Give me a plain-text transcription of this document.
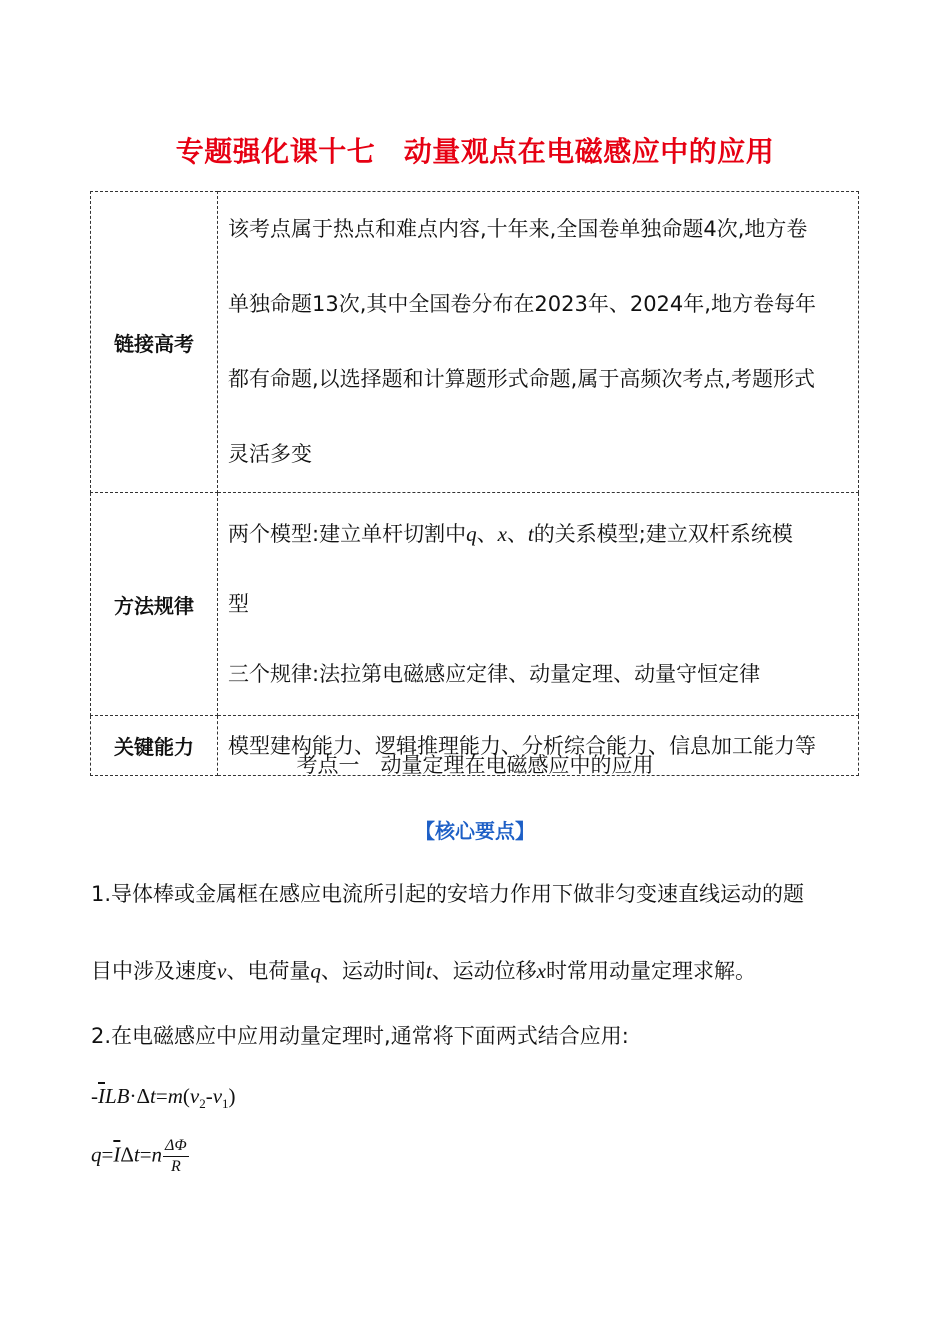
专题强化课十七　动量观点在电磁感应中的应用
链接高考	该考点属于热点和难点内容,十年来,全国卷单独命题4次,地方卷
单独命题13次,其中全国卷分布在2023年、2024年,地方卷每年
都有命题,以选择题和计算题形式命题,属于高频次考点,考题形式
灵活多变

方法规律	两个模型:建立单杆切割中q、x、t的关系模型;建立双杆系统模
型
三个规律:法拉第电磁感应定律、动量定理、动量守恒定律

关键能力	模型建构能力、逻辑推理能力、分析综合能力、信息加工能力等
考点一　动量定理在电磁感应中的应用
【核心要点】
1.导体棒或金属框在感应电流所引起的安培力作用下做非匀变速直线运动的题
目中涉及速度v、电荷量q、运动时间t、运动位移x时常用动量定理求解。
2.在电磁感应中应用动量定理时,通常将下面两式结合应用:
$-\overline{I}LB\cdot\Delta t=m(v_2-v_1)$
$q=\overline{I}\Delta t=n \frac{\Delta\Phi}{R}$
